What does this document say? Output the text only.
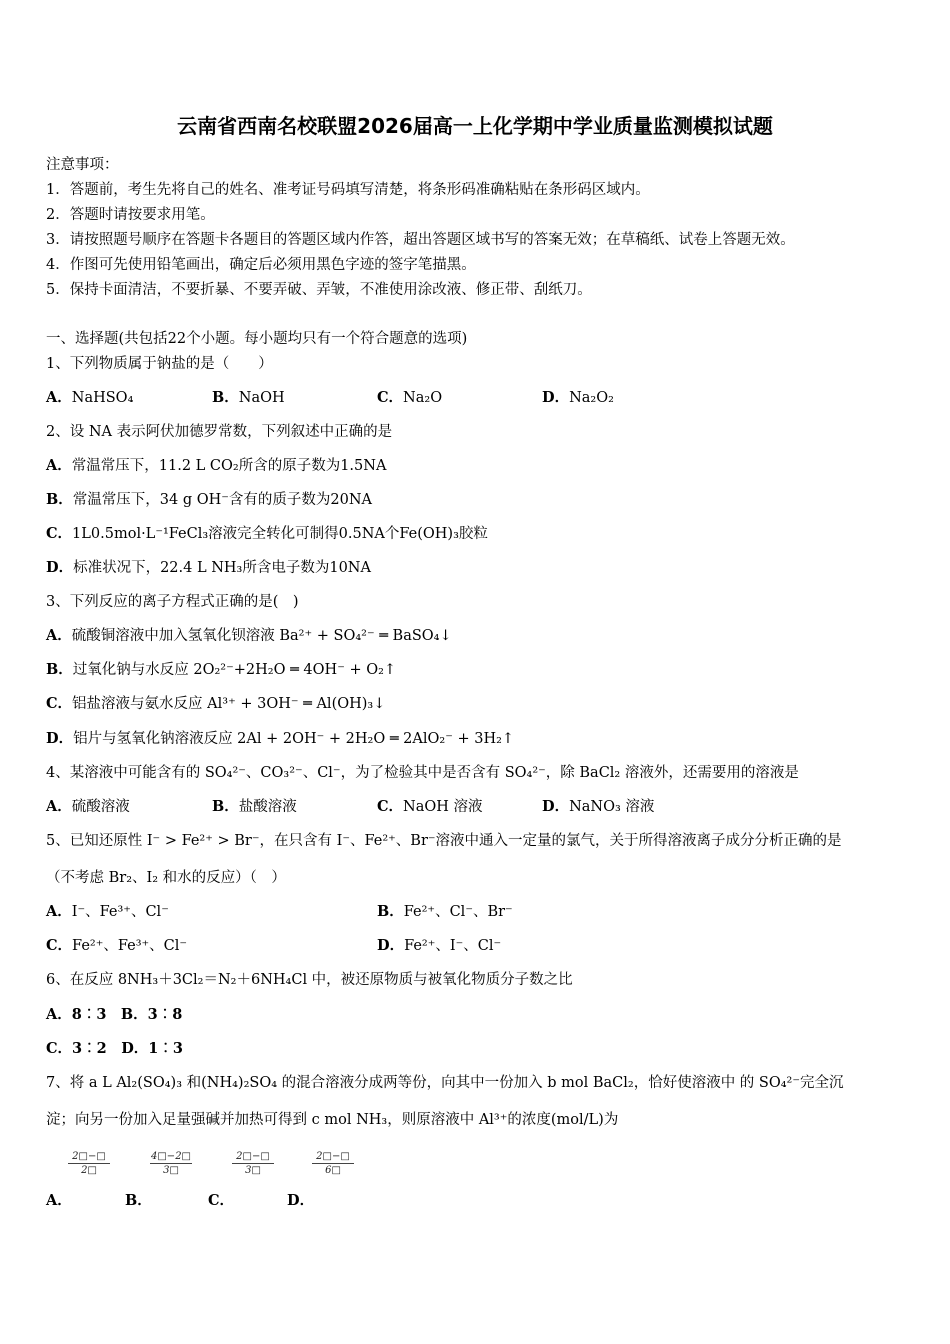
云南省西南名校联盟2026届高一上化学期中学业质量监测模拟试题
注意事项：
1．答题前，考生先将自己的姓名、准考证号码填写清楚，将条形码准确粘贴在条形码区域内。
2．答题时请按要求用笔。
3．请按照题号顺序在答题卡各题目的答题区域内作答，超出答题区域书写的答案无效；在草稿纸、试卷上答题无效。
4．作图可先使用铅笔画出，确定后必须用黑色字迹的签字笔描黑。
5．保持卡面清洁，不要折暴、不要弄破、弄皱，不准使用涂改液、修正带、刮纸刀。
一、选择题(共包括22个小题。每小题均只有一个符合题意的选项)
1、下列物质属于钠盐的是（　　）
A．NaHSO₄	B．NaOH	C．Na₂O	D．Na₂O₂
2、设 NA 表示阿伏加德罗常数，下列叙述中正确的是
A．常温常压下，11.2 L CO₂所含的原子数为1.5NA
B．常温常压下，34 g OH⁻含有的质子数为20NA
C．1L0.5mol·L⁻¹FeCl₃溶液完全转化可制得0.5NA个Fe(OH)₃胶粒
D．标准状况下，22.4 L NH₃所含电子数为10NA
3、下列反应的离子方程式正确的是(　)
A．硫酸铜溶液中加入氢氧化钡溶液 Ba²⁺ + SO₄²⁻ ═ BaSO₄↓
B．过氧化钠与水反应 2O₂²⁻+2H₂O ═ 4OH⁻ + O₂↑
C．铝盐溶液与氨水反应 Al³⁺ + 3OH⁻ ═ Al(OH)₃↓
D．铝片与氢氧化钠溶液反应 2Al + 2OH⁻ + 2H₂O ═ 2AlO₂⁻ + 3H₂↑
4、某溶液中可能含有的 SO₄²⁻、CO₃²⁻、Cl⁻，为了检验其中是否含有 SO₄²⁻，除 BaCl₂ 溶液外，还需要用的溶液是
A．硫酸溶液	B．盐酸溶液	C．NaOH 溶液	D．NaNO₃ 溶液
5、已知还原性 I⁻ > Fe²⁺ > Br⁻，在只含有 I⁻、Fe²⁺、Br⁻溶液中通入一定量的氯气，关于所得溶液离子成分分析正确的是
（不考虑 Br₂、I₂ 和水的反应）（　）
A．I⁻、Fe³⁺、Cl⁻	B．Fe²⁺、Cl⁻、Br⁻
C．Fe²⁺、Fe³⁺、Cl⁻	D．Fe²⁺、I⁻、Cl⁻
6、在反应 8NH₃＋3Cl₂＝N₂＋6NH₄Cl 中，被还原物质与被氧化物质分子数之比
A．8︰3　B．3︰8
C．3︰2　D．1︰3
7、将 a L Al₂(SO₄)₃ 和(NH₄)₂SO₄ 的混合溶液分成两等份，向其中一份加入 b mol BaCl₂，恰好使溶液中 的 SO₄²⁻完全沉
淀；向另一份加入足量强碱并加热可得到 c mol NH₃，则原溶液中 Al³⁺的浓度(mol/L)为
$\frac{2□-□}{2□}$	$\frac{4□-2□}{3□}$	$\frac{2□-□}{3□}$	$\frac{2□-□}{6□}$
A．	B．	C．	D．
